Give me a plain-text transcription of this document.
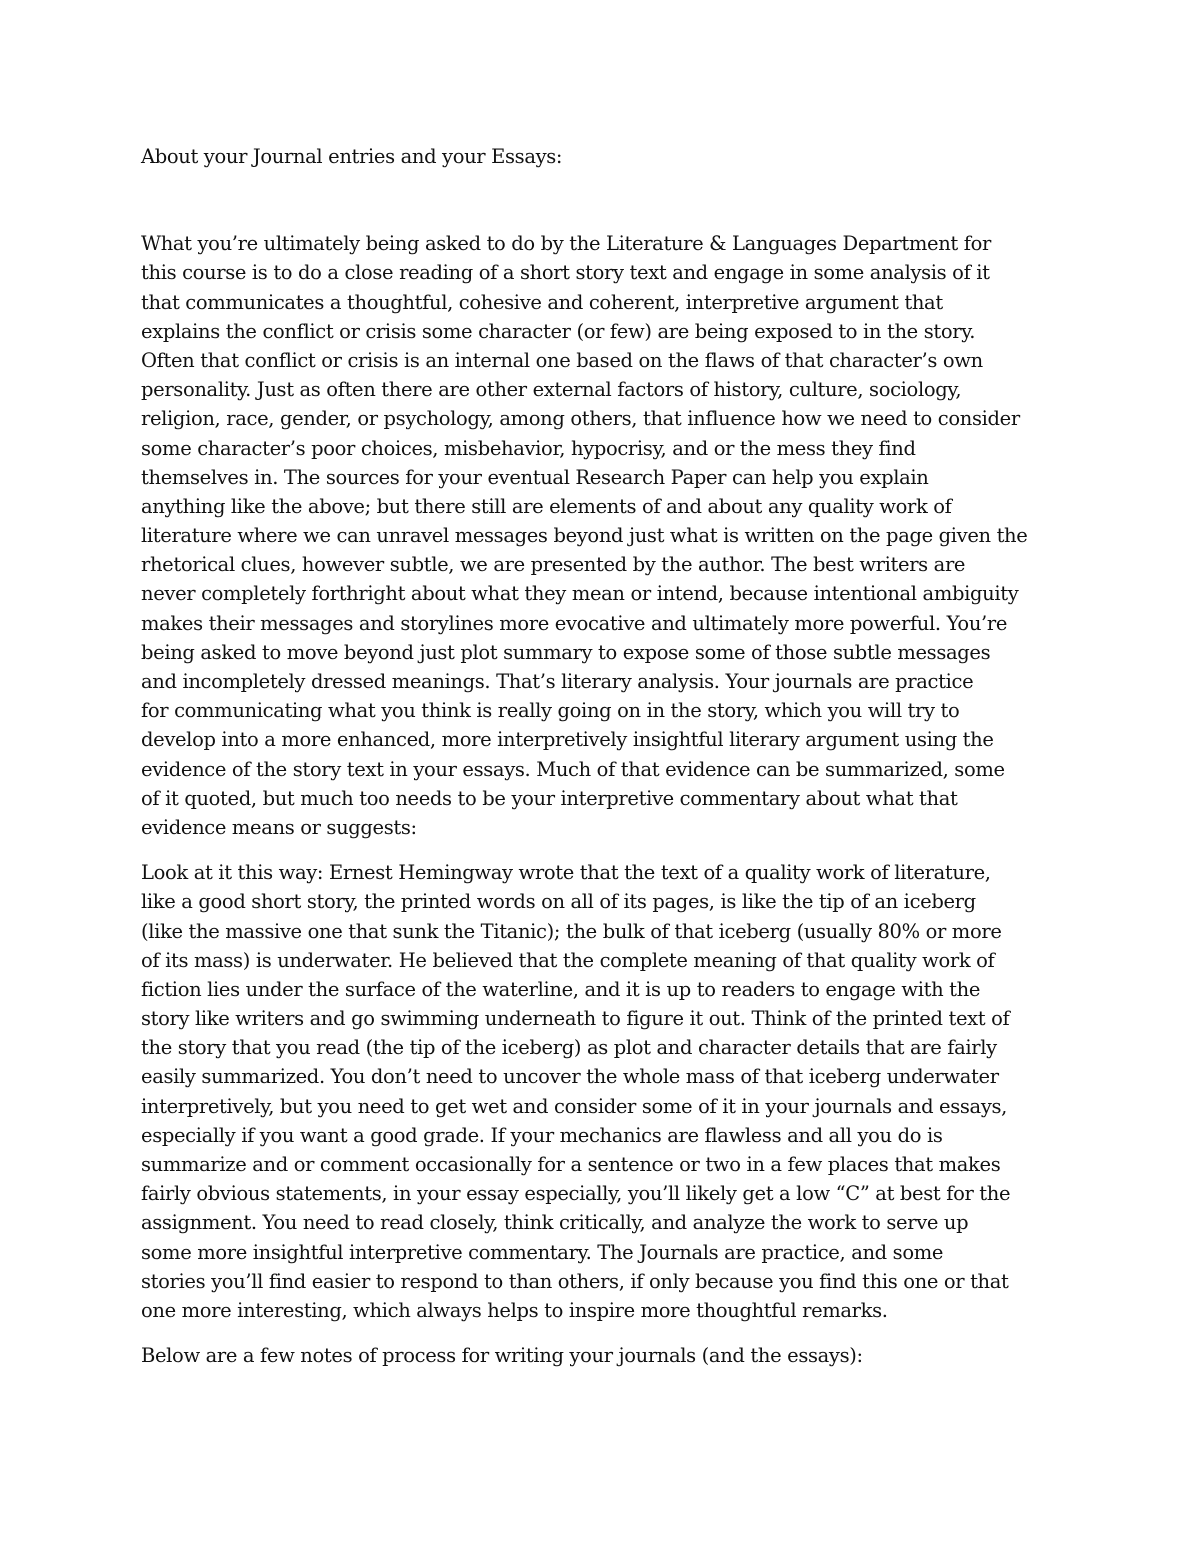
About your Journal entries and your Essays:
What you’re ultimately being asked to do by the Literature & Languages Department for
this course is to do a close reading of a short story text and engage in some analysis of it
that communicates a thoughtful, cohesive and coherent, interpretive argument that
explains the conflict or crisis some character (or few) are being exposed to in the story.
Often that conflict or crisis is an internal one based on the flaws of that character’s own
personality. Just as often there are other external factors of history, culture, sociology,
religion, race, gender, or psychology, among others, that influence how we need to consider
some character’s poor choices, misbehavior, hypocrisy, and or the mess they find
themselves in. The sources for your eventual Research Paper can help you explain
anything like the above; but there still are elements of and about any quality work of
literature where we can unravel messages beyond just what is written on the page given the
rhetorical clues, however subtle, we are presented by the author. The best writers are
never completely forthright about what they mean or intend, because intentional ambiguity
makes their messages and storylines more evocative and ultimately more powerful. You’re
being asked to move beyond just plot summary to expose some of those subtle messages
and incompletely dressed meanings. That’s literary analysis. Your journals are practice
for communicating what you think is really going on in the story, which you will try to
develop into a more enhanced, more interpretively insightful literary argument using the
evidence of the story text in your essays. Much of that evidence can be summarized, some
of it quoted, but much too needs to be your interpretive commentary about what that
evidence means or suggests:
Look at it this way: Ernest Hemingway wrote that the text of a quality work of literature,
like a good short story, the printed words on all of its pages, is like the tip of an iceberg
(like the massive one that sunk the Titanic); the bulk of that iceberg (usually 80% or more
of its mass) is underwater. He believed that the complete meaning of that quality work of
fiction lies under the surface of the waterline, and it is up to readers to engage with the
story like writers and go swimming underneath to figure it out. Think of the printed text of
the story that you read (the tip of the iceberg) as plot and character details that are fairly
easily summarized. You don’t need to uncover the whole mass of that iceberg underwater
interpretively, but you need to get wet and consider some of it in your journals and essays,
especially if you want a good grade. If your mechanics are flawless and all you do is
summarize and or comment occasionally for a sentence or two in a few places that makes
fairly obvious statements, in your essay especially, you’ll likely get a low “C” at best for the
assignment. You need to read closely, think critically, and analyze the work to serve up
some more insightful interpretive commentary. The Journals are practice, and some
stories you’ll find easier to respond to than others, if only because you find this one or that
one more interesting, which always helps to inspire more thoughtful remarks.
Below are a few notes of process for writing your journals (and the essays):
